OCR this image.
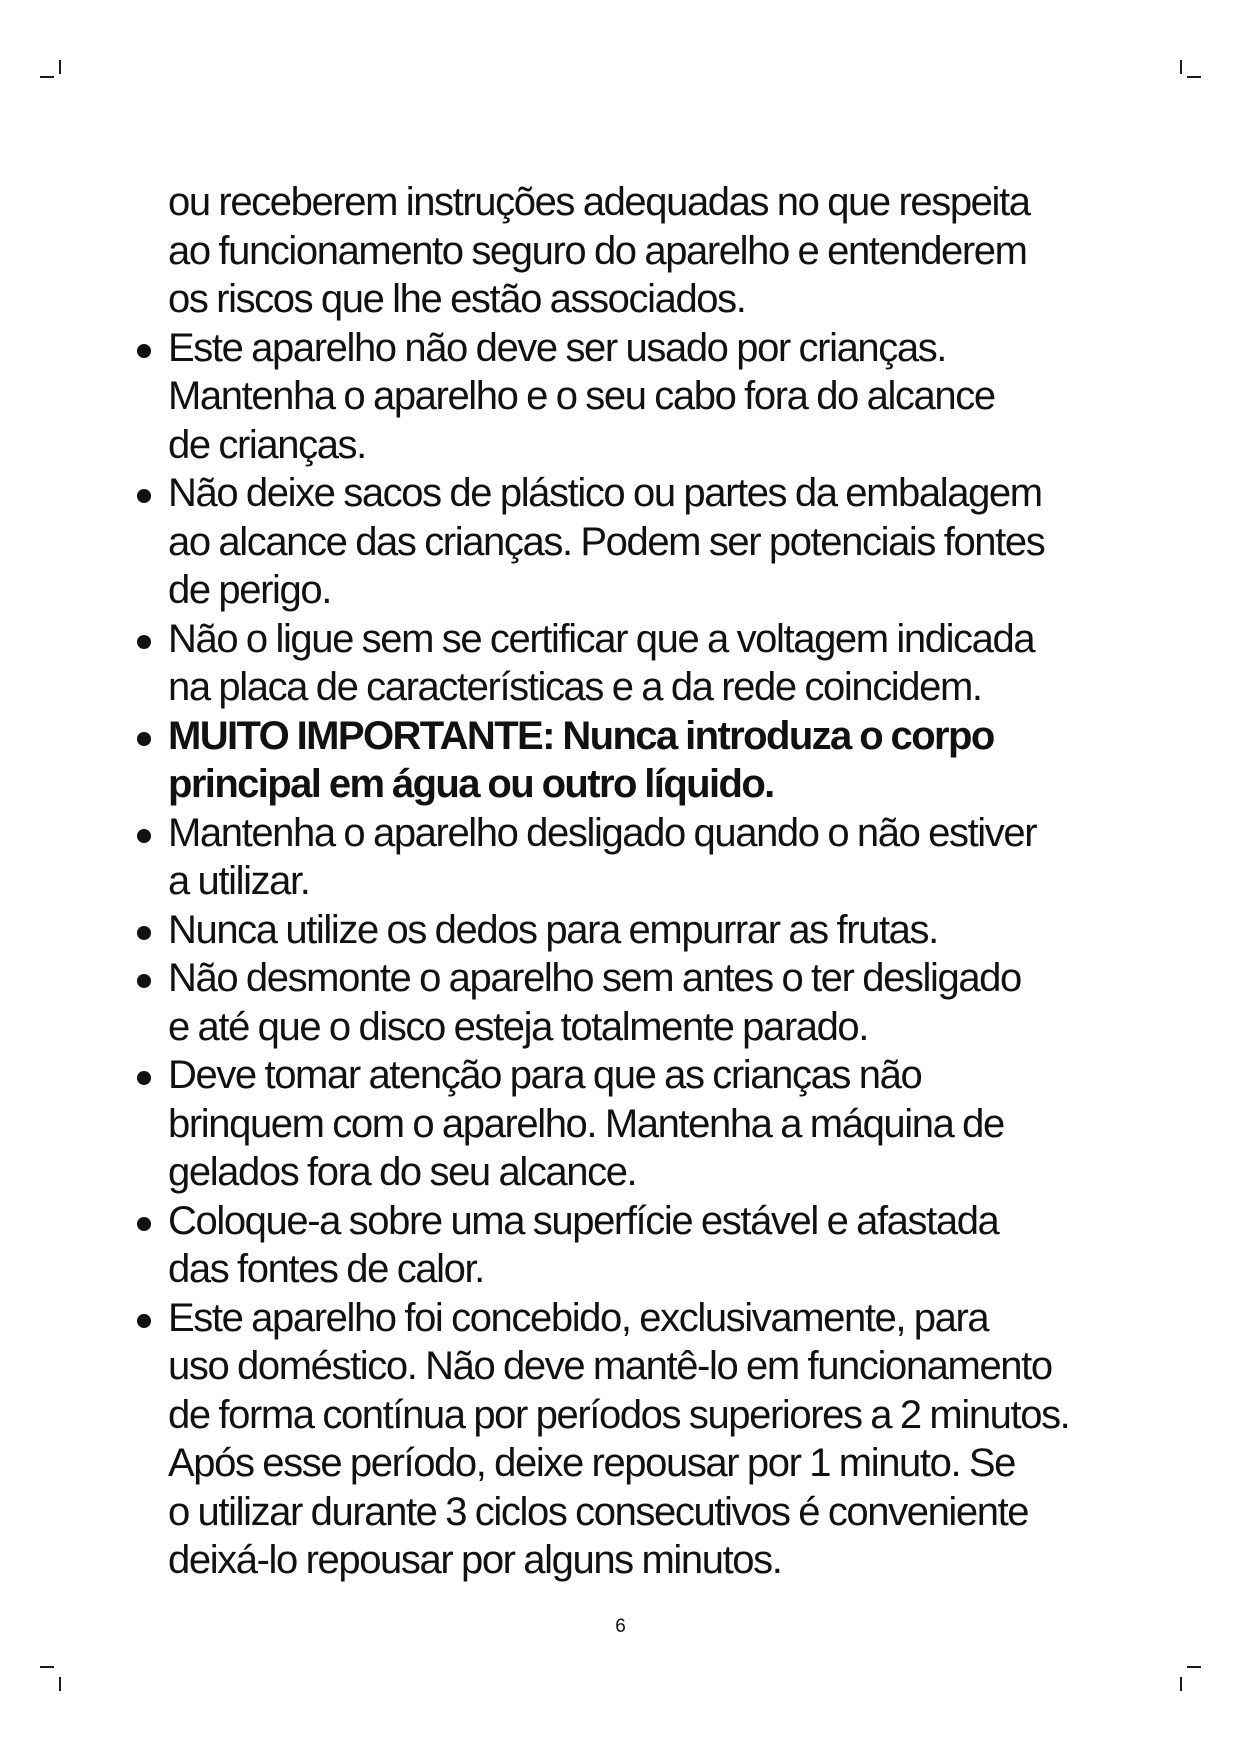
ou receberem instruções adequadas no que respeita
ao funcionamento seguro do aparelho e entenderem
os riscos que lhe estão associados.

Este aparelho não deve ser usado por crianças.
Mantenha o aparelho e o seu cabo fora do alcance
de crianças.

Não deixe sacos de plástico ou partes da embalagem
ao alcance das crianças. Podem ser potenciais fontes
de perigo.

Não o ligue sem se certificar que a voltagem indicada
na placa de características e a da rede coincidem.

MUITO IMPORTANTE: Nunca introduza o corpo
principal em água ou outro líquido.

Mantenha o aparelho desligado quando o não estiver
a utilizar.

Nunca utilize os dedos para empurrar as frutas.

Não desmonte o aparelho sem antes o ter desligado
e até que o disco esteja totalmente parado.

Deve tomar atenção para que as crianças não
brinquem com o aparelho. Mantenha a máquina de
gelados fora do seu alcance.

Coloque-a sobre uma superfície estável e afastada
das fontes de calor.

Este aparelho foi concebido, exclusivamente, para
uso doméstico. Não deve mantê-lo em funcionamento
de forma contínua por períodos superiores a 2 minutos.
Após esse período, deixe repousar por 1 minuto. Se
o utilizar durante 3 ciclos consecutivos é conveniente
deixá-lo repousar por alguns minutos.

6
